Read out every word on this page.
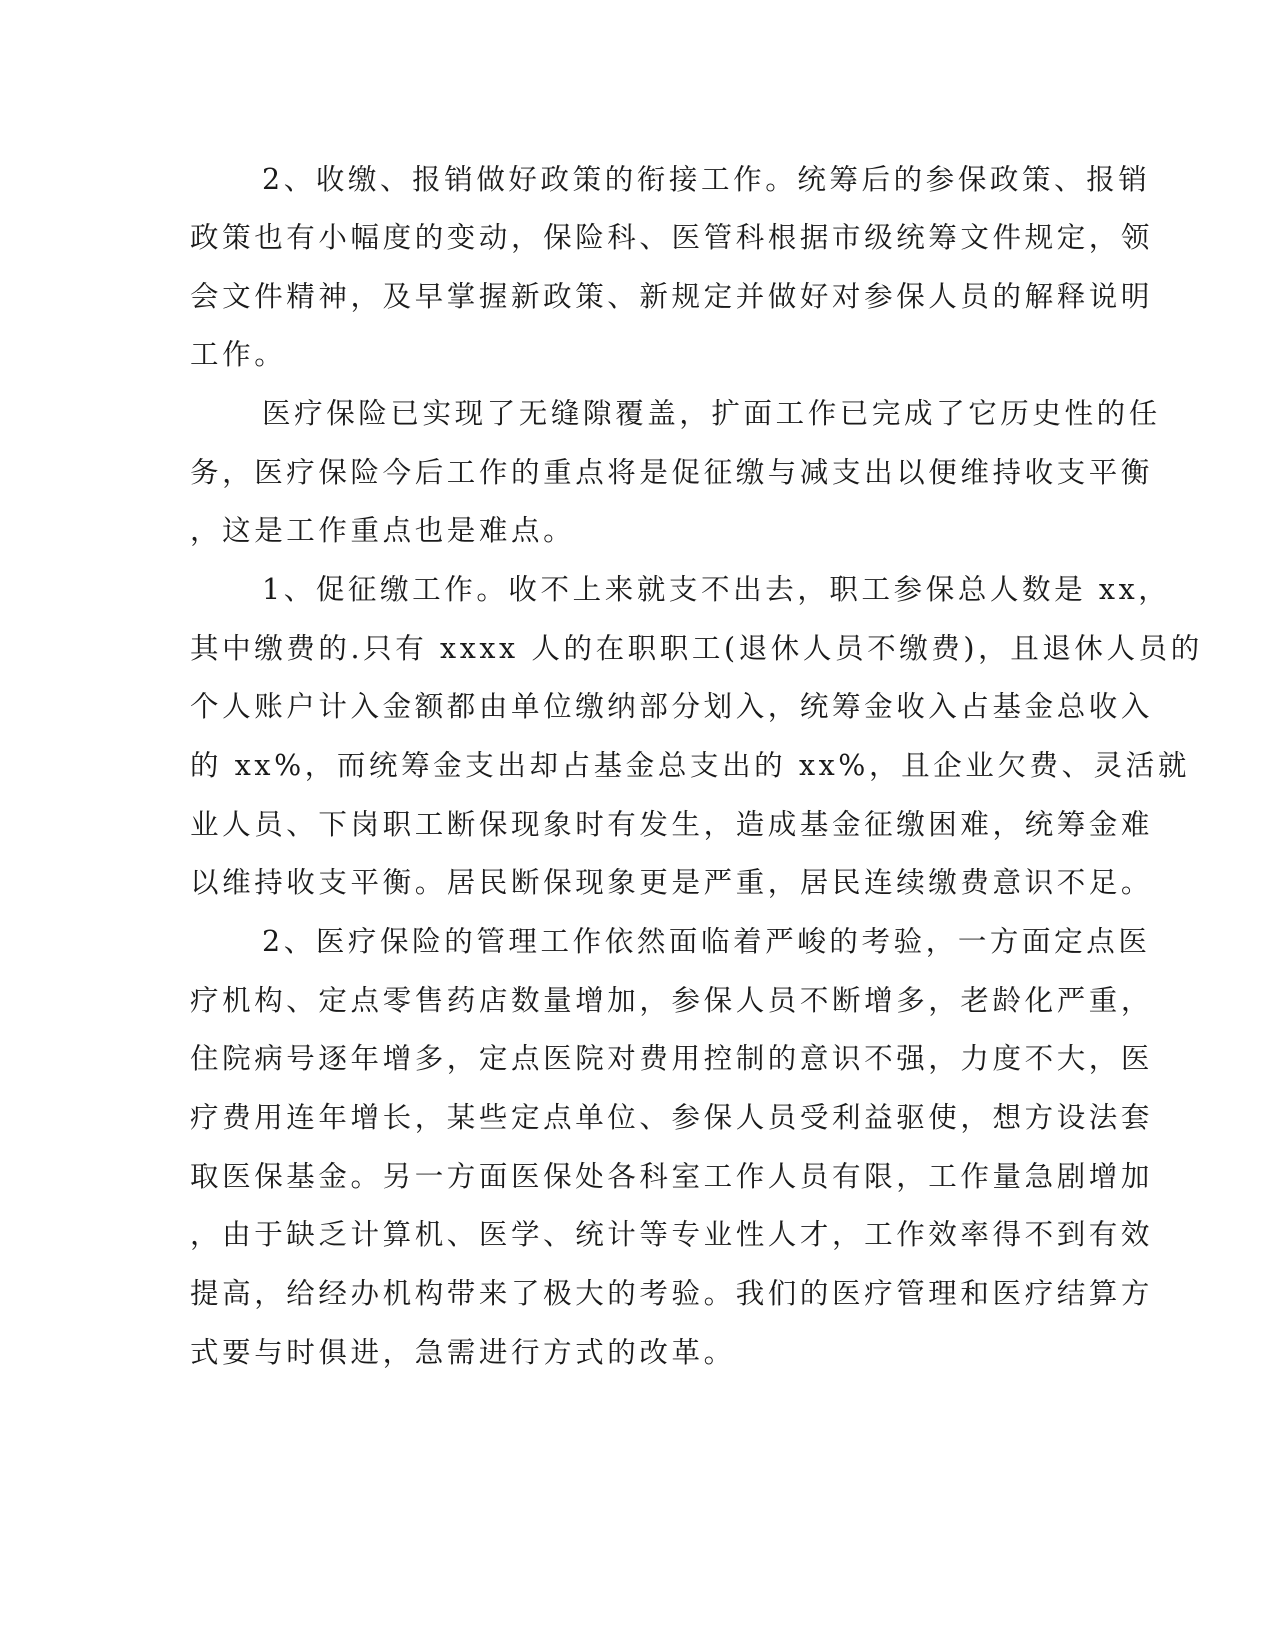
2、收缴、报销做好政策的衔接工作。统筹后的参保政策、报销
政策也有小幅度的变动，保险科、医管科根据市级统筹文件规定，领
会文件精神，及早掌握新政策、新规定并做好对参保人员的解释说明
工作。
医疗保险已实现了无缝隙覆盖，扩面工作已完成了它历史性的任
务，医疗保险今后工作的重点将是促征缴与减支出以便维持收支平衡
，这是工作重点也是难点。
1、促征缴工作。收不上来就支不出去，职工参保总人数是 xx，
其中缴费的.只有 xxxx 人的在职职工(退休人员不缴费)，且退休人员的
个人账户计入金额都由单位缴纳部分划入，统筹金收入占基金总收入
的 xx%，而统筹金支出却占基金总支出的 xx%，且企业欠费、灵活就
业人员、下岗职工断保现象时有发生，造成基金征缴困难，统筹金难
以维持收支平衡。居民断保现象更是严重，居民连续缴费意识不足。
2、医疗保险的管理工作依然面临着严峻的考验，一方面定点医
疗机构、定点零售药店数量增加，参保人员不断增多，老龄化严重，
住院病号逐年增多，定点医院对费用控制的意识不强，力度不大，医
疗费用连年增长，某些定点单位、参保人员受利益驱使，想方设法套
取医保基金。另一方面医保处各科室工作人员有限，工作量急剧增加
，由于缺乏计算机、医学、统计等专业性人才，工作效率得不到有效
提高，给经办机构带来了极大的考验。我们的医疗管理和医疗结算方
式要与时俱进，急需进行方式的改革。
